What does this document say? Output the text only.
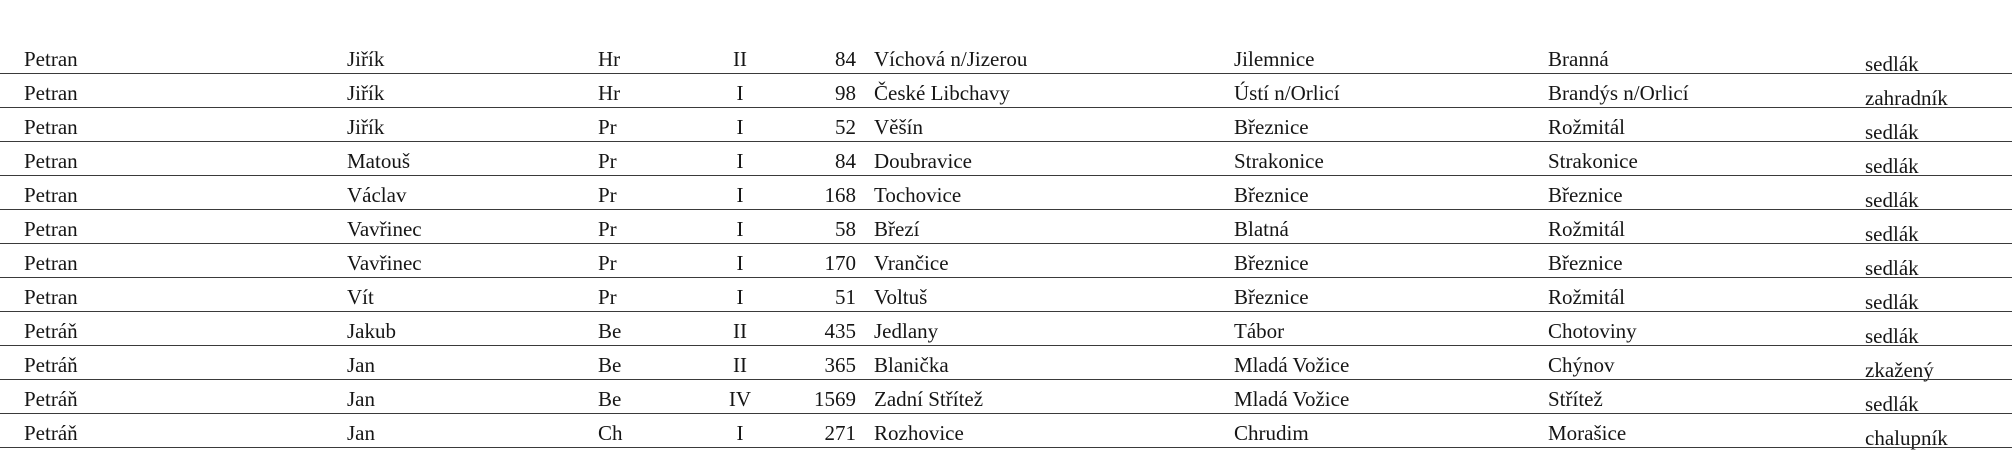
Petran	Jiřík	Hr	II	84 Víchová n/Jizerou	Jilemnice	Branná	sedlák
Petran	Jiřík	Hr	I	98 České Libchavy	Ústí n/Orlicí	Brandýs n/Orlicí	zahradník
Petran	Jiřík	Pr	I	52 Věšín	Březnice	Rožmitál	sedlák
Petran	Matouš	Pr	I	84 Doubravice	Strakonice	Strakonice	sedlák
Petran	Václav	Pr	I	168 Tochovice	Březnice	Březnice	sedlák
Petran	Vavřinec	Pr	I	58 Březí	Blatná	Rožmitál	sedlák
Petran	Vavřinec	Pr	I	170 Vrančice	Březnice	Březnice	sedlák
Petran	Vít	Pr	I	51 Voltuš	Březnice	Rožmitál	sedlák
Petráň	Jakub	Be	II	435 Jedlany	Tábor	Chotoviny	sedlák
Petráň	Jan	Be	II	365 Blanička	Mladá Vožice	Chýnov	zkažený
Petráň	Jan	Be	IV	1569 Zadní Střítež	Mladá Vožice	Střítež	sedlák
Petráň	Jan	Ch	I	271 Rozhovice	Chrudim	Morašice	chalupník
